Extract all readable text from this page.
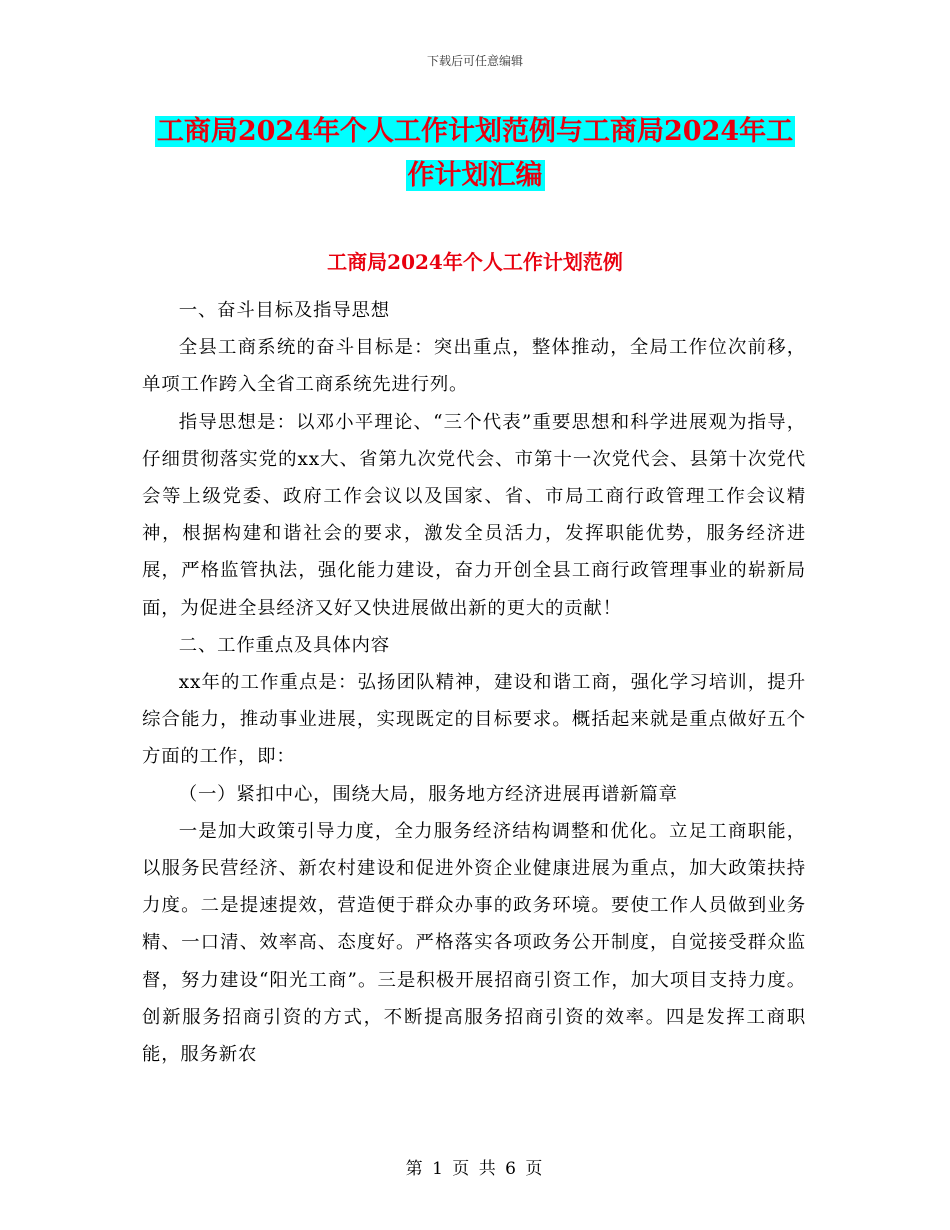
下载后可任意编辑
工商局2024年个人工作计划范例与工商局2024年工
作计划汇编
工商局2024年个人工作计划范例

一、奋斗目标及指导思想

全县工商系统的奋斗目标是：突出重点，整体推动，全局工作位次前移，单项工作跨入全省工商系统先进行列。

指导思想是：以邓小平理论、“三个代表”重要思想和科学进展观为指导，仔细贯彻落实党的xx大、省第九次党代会、市第十一次党代会、县第十次党代会等上级党委、政府工作会议以及国家、省、市局工商行政管理工作会议精神，根据构建和谐社会的要求，激发全员活力，发挥职能优势，服务经济进展，严格监管执法，强化能力建设，奋力开创全县工商行政管理事业的崭新局面，为促进全县经济又好又快进展做出新的更大的贡献！

二、工作重点及具体内容

xx年的工作重点是：弘扬团队精神，建设和谐工商，强化学习培训，提升综合能力，推动事业进展，实现既定的目标要求。概括起来就是重点做好五个方面的工作，即：

（一）紧扣中心，围绕大局，服务地方经济进展再谱新篇章

一是加大政策引导力度，全力服务经济结构调整和优化。立足工商职能，以服务民营经济、新农村建设和促进外资企业健康进展为重点，加大政策扶持力度。二是提速提效，营造便于群众办事的政务环境。要使工作人员做到业务精、一口清、效率高、态度好。严格落实各项政务公开制度，自觉接受群众监督，努力建设“阳光工商”。三是积极开展招商引资工作，加大项目支持力度。创新服务招商引资的方式，不断提高服务招商引资的效率。四是发挥工商职能，服务新农

第 1 页 共 6 页
